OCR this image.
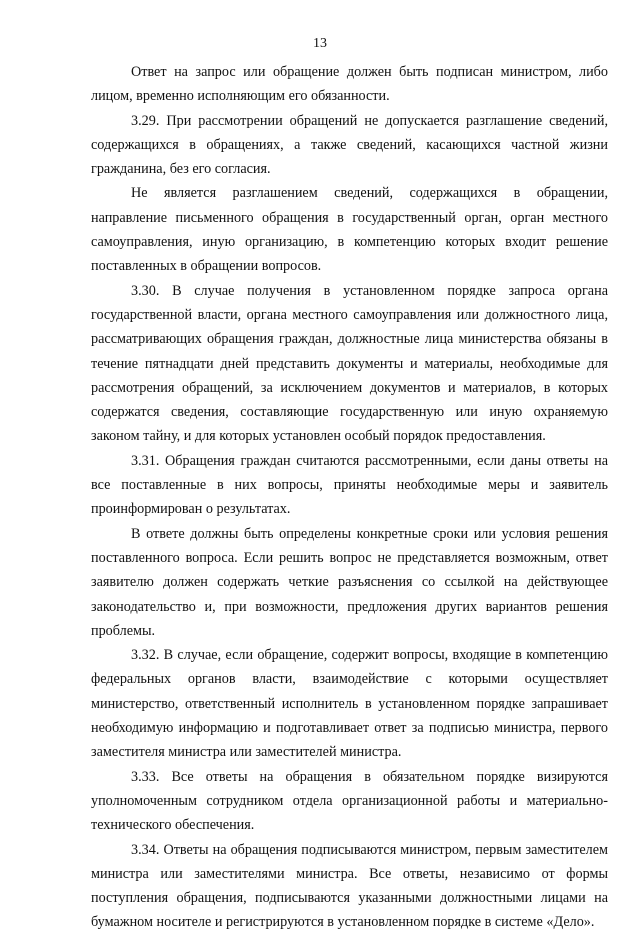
13

Ответ на запрос или обращение должен быть подписан министром, либо лицом, временно исполняющим его обязанности.

3.29. При рассмотрении обращений не допускается разглашение сведений, содержащихся в обращениях, а также сведений, касающихся частной жизни гражданина, без его согласия.

Не является разглашением сведений, содержащихся в обращении, направление письменного обращения в государственный орган, орган местного самоуправления, иную организацию, в компетенцию которых входит решение поставленных в обращении вопросов.

3.30. В случае получения в установленном порядке запроса органа государственной власти, органа местного самоуправления или должностного лица, рассматривающих обращения граждан, должностные лица министерства обязаны в течение пятнадцати дней представить документы и материалы, необходимые для рассмотрения обращений, за исключением документов и материалов, в которых содержатся сведения, составляющие государственную или иную охраняемую законом тайну, и для которых установлен особый порядок предоставления.

3.31. Обращения граждан считаются рассмотренными, если даны ответы на все поставленные в них вопросы, приняты необходимые меры и заявитель проинформирован о результатах.

В ответе должны быть определены конкретные сроки или условия решения поставленного вопроса. Если решить вопрос не представляется возможным, ответ заявителю должен содержать четкие разъяснения со ссылкой на действующее законодательство и, при возможности, предложения других вариантов решения проблемы.

3.32. В случае, если обращение, содержит вопросы, входящие в компетенцию федеральных органов власти, взаимодействие с которыми осуществляет министерство, ответственный исполнитель в установленном порядке запрашивает необходимую информацию и подготавливает ответ за подписью министра, первого заместителя министра или заместителей министра.

3.33. Все ответы на обращения в обязательном порядке визируются уполномоченным сотрудником отдела организационной работы и материально-технического обеспечения.

3.34. Ответы на обращения подписываются министром, первым заместителем министра или заместителями министра. Все ответы, независимо от формы поступления обращения, подписываются указанными должностными лицами на бумажном носителе и регистрируются в установленном порядке в системе «Дело».
